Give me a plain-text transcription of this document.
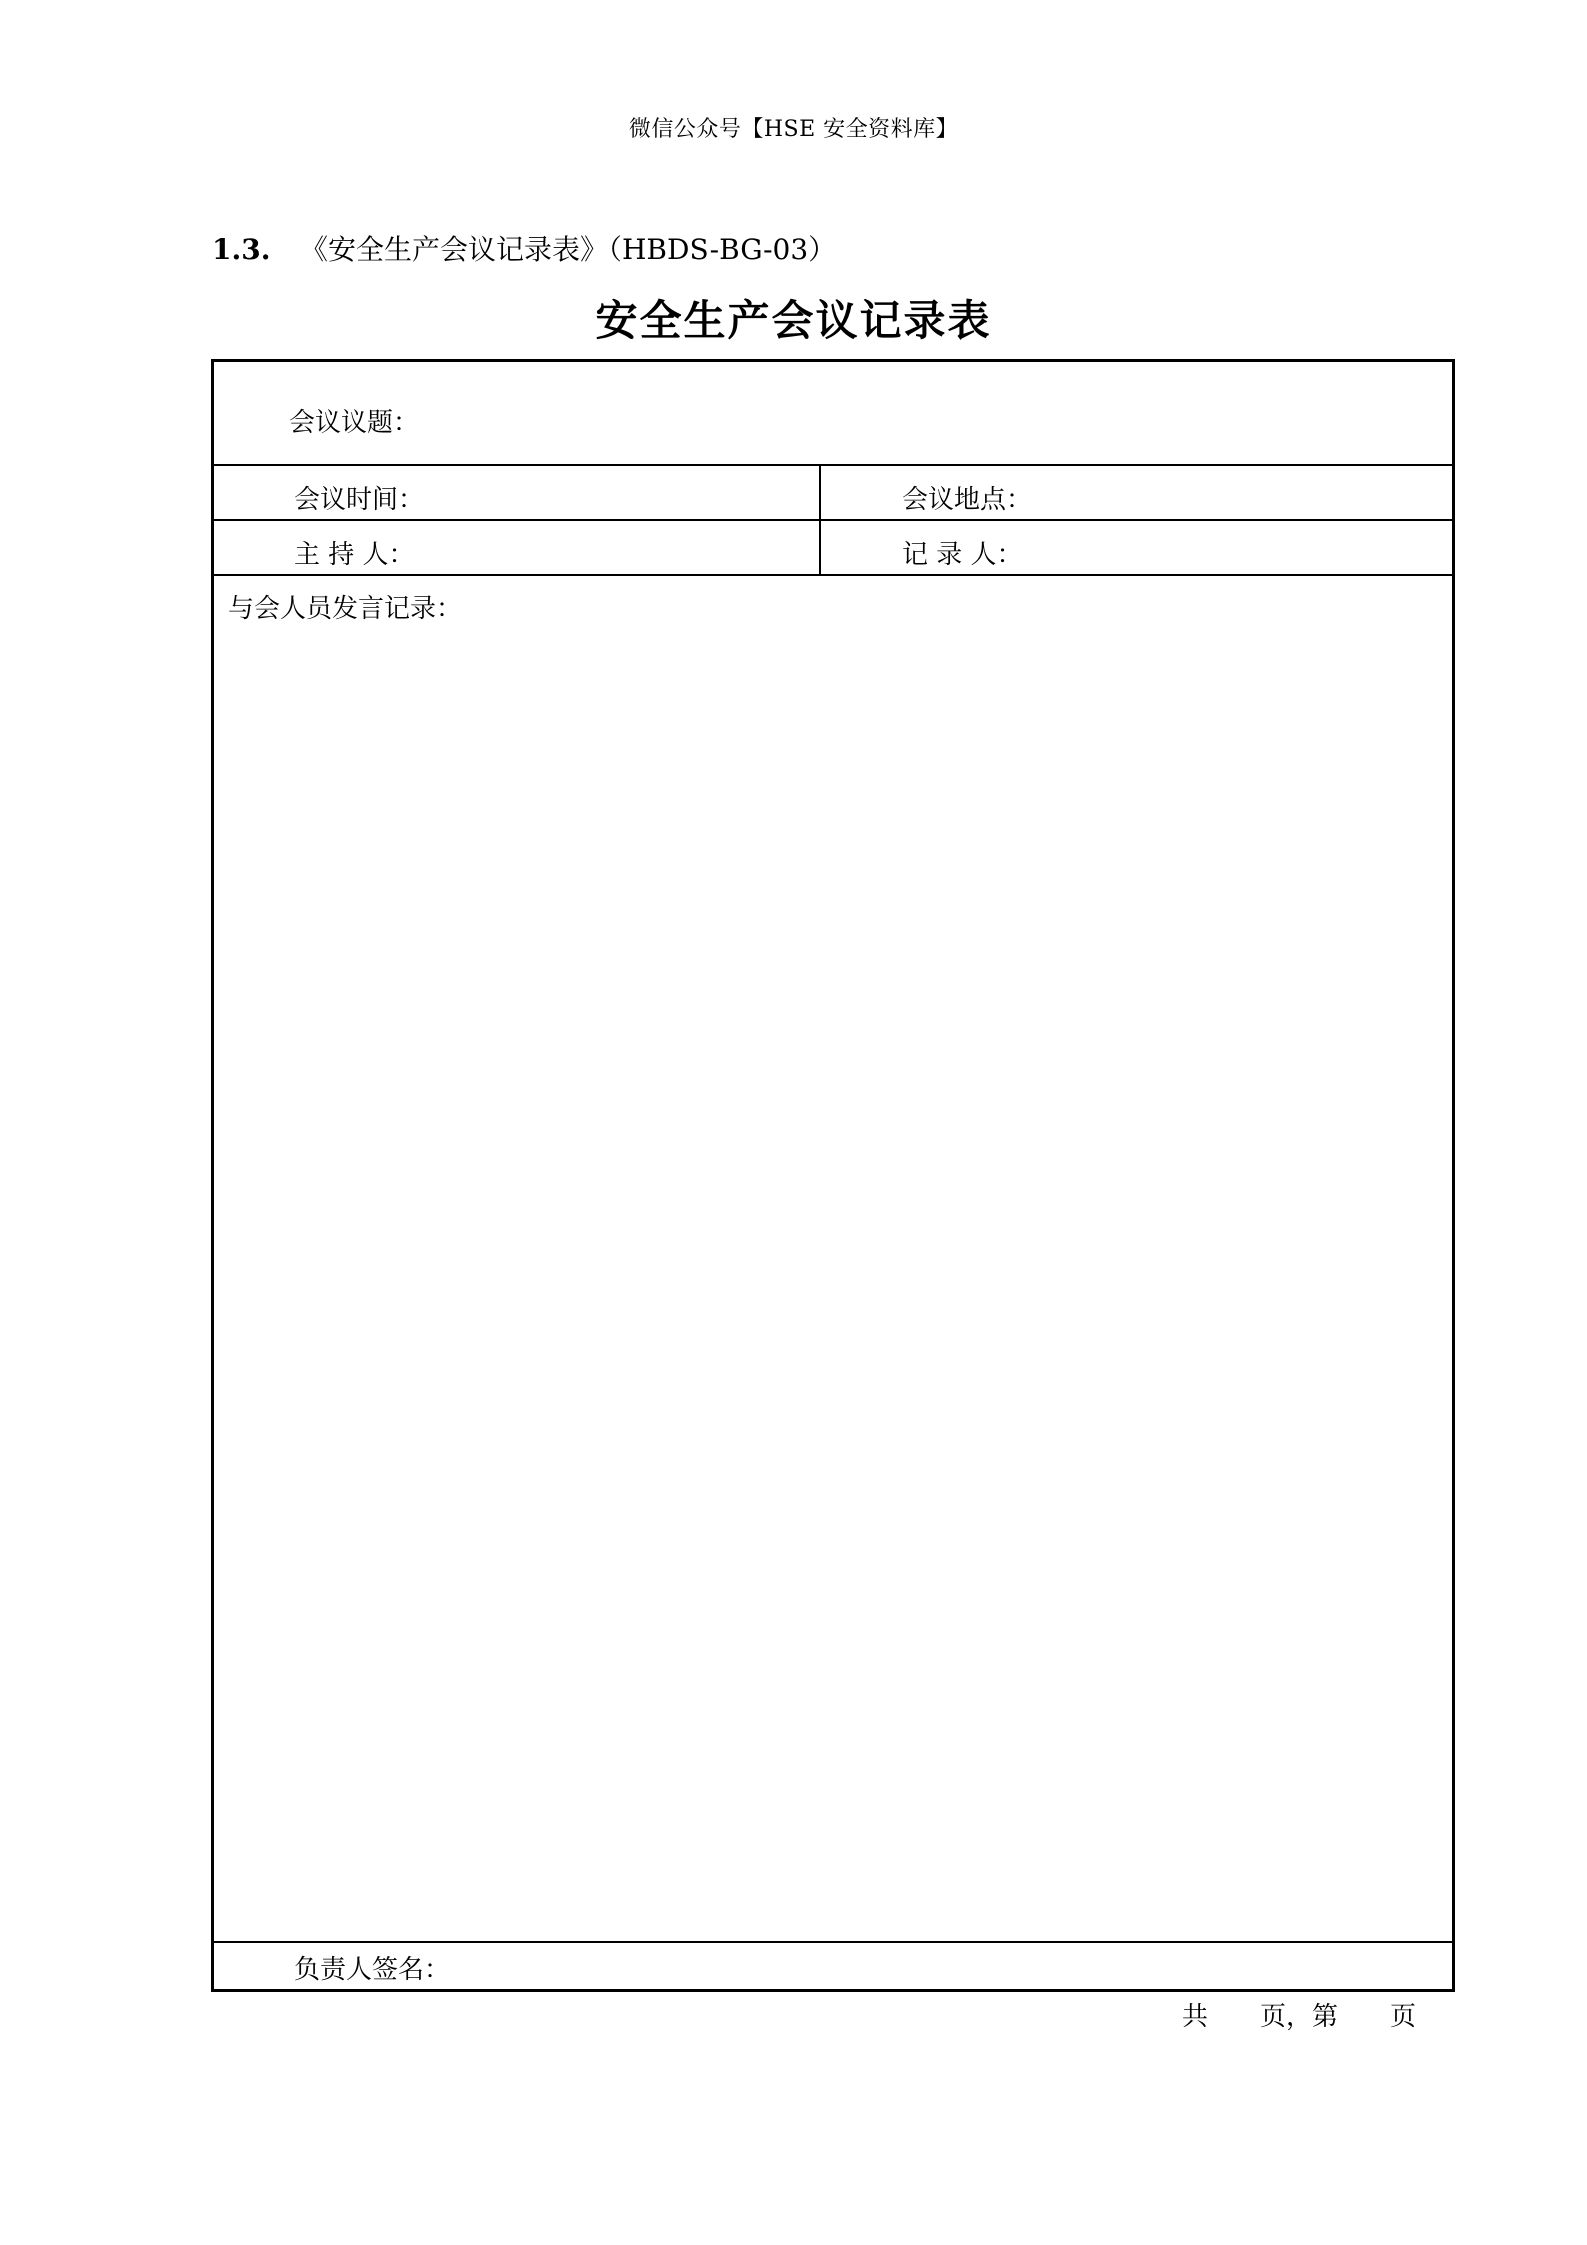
微信公众号【HSE 安全资料库】
1.3. 《安全生产会议记录表》（HBDS-BG-03）
安全生产会议记录表
会议议题：
会议时间：	会议地点：
主 持 人：	记 录 人：
与会人员发言记录：
负责人签名：
共　　页，第　　页
